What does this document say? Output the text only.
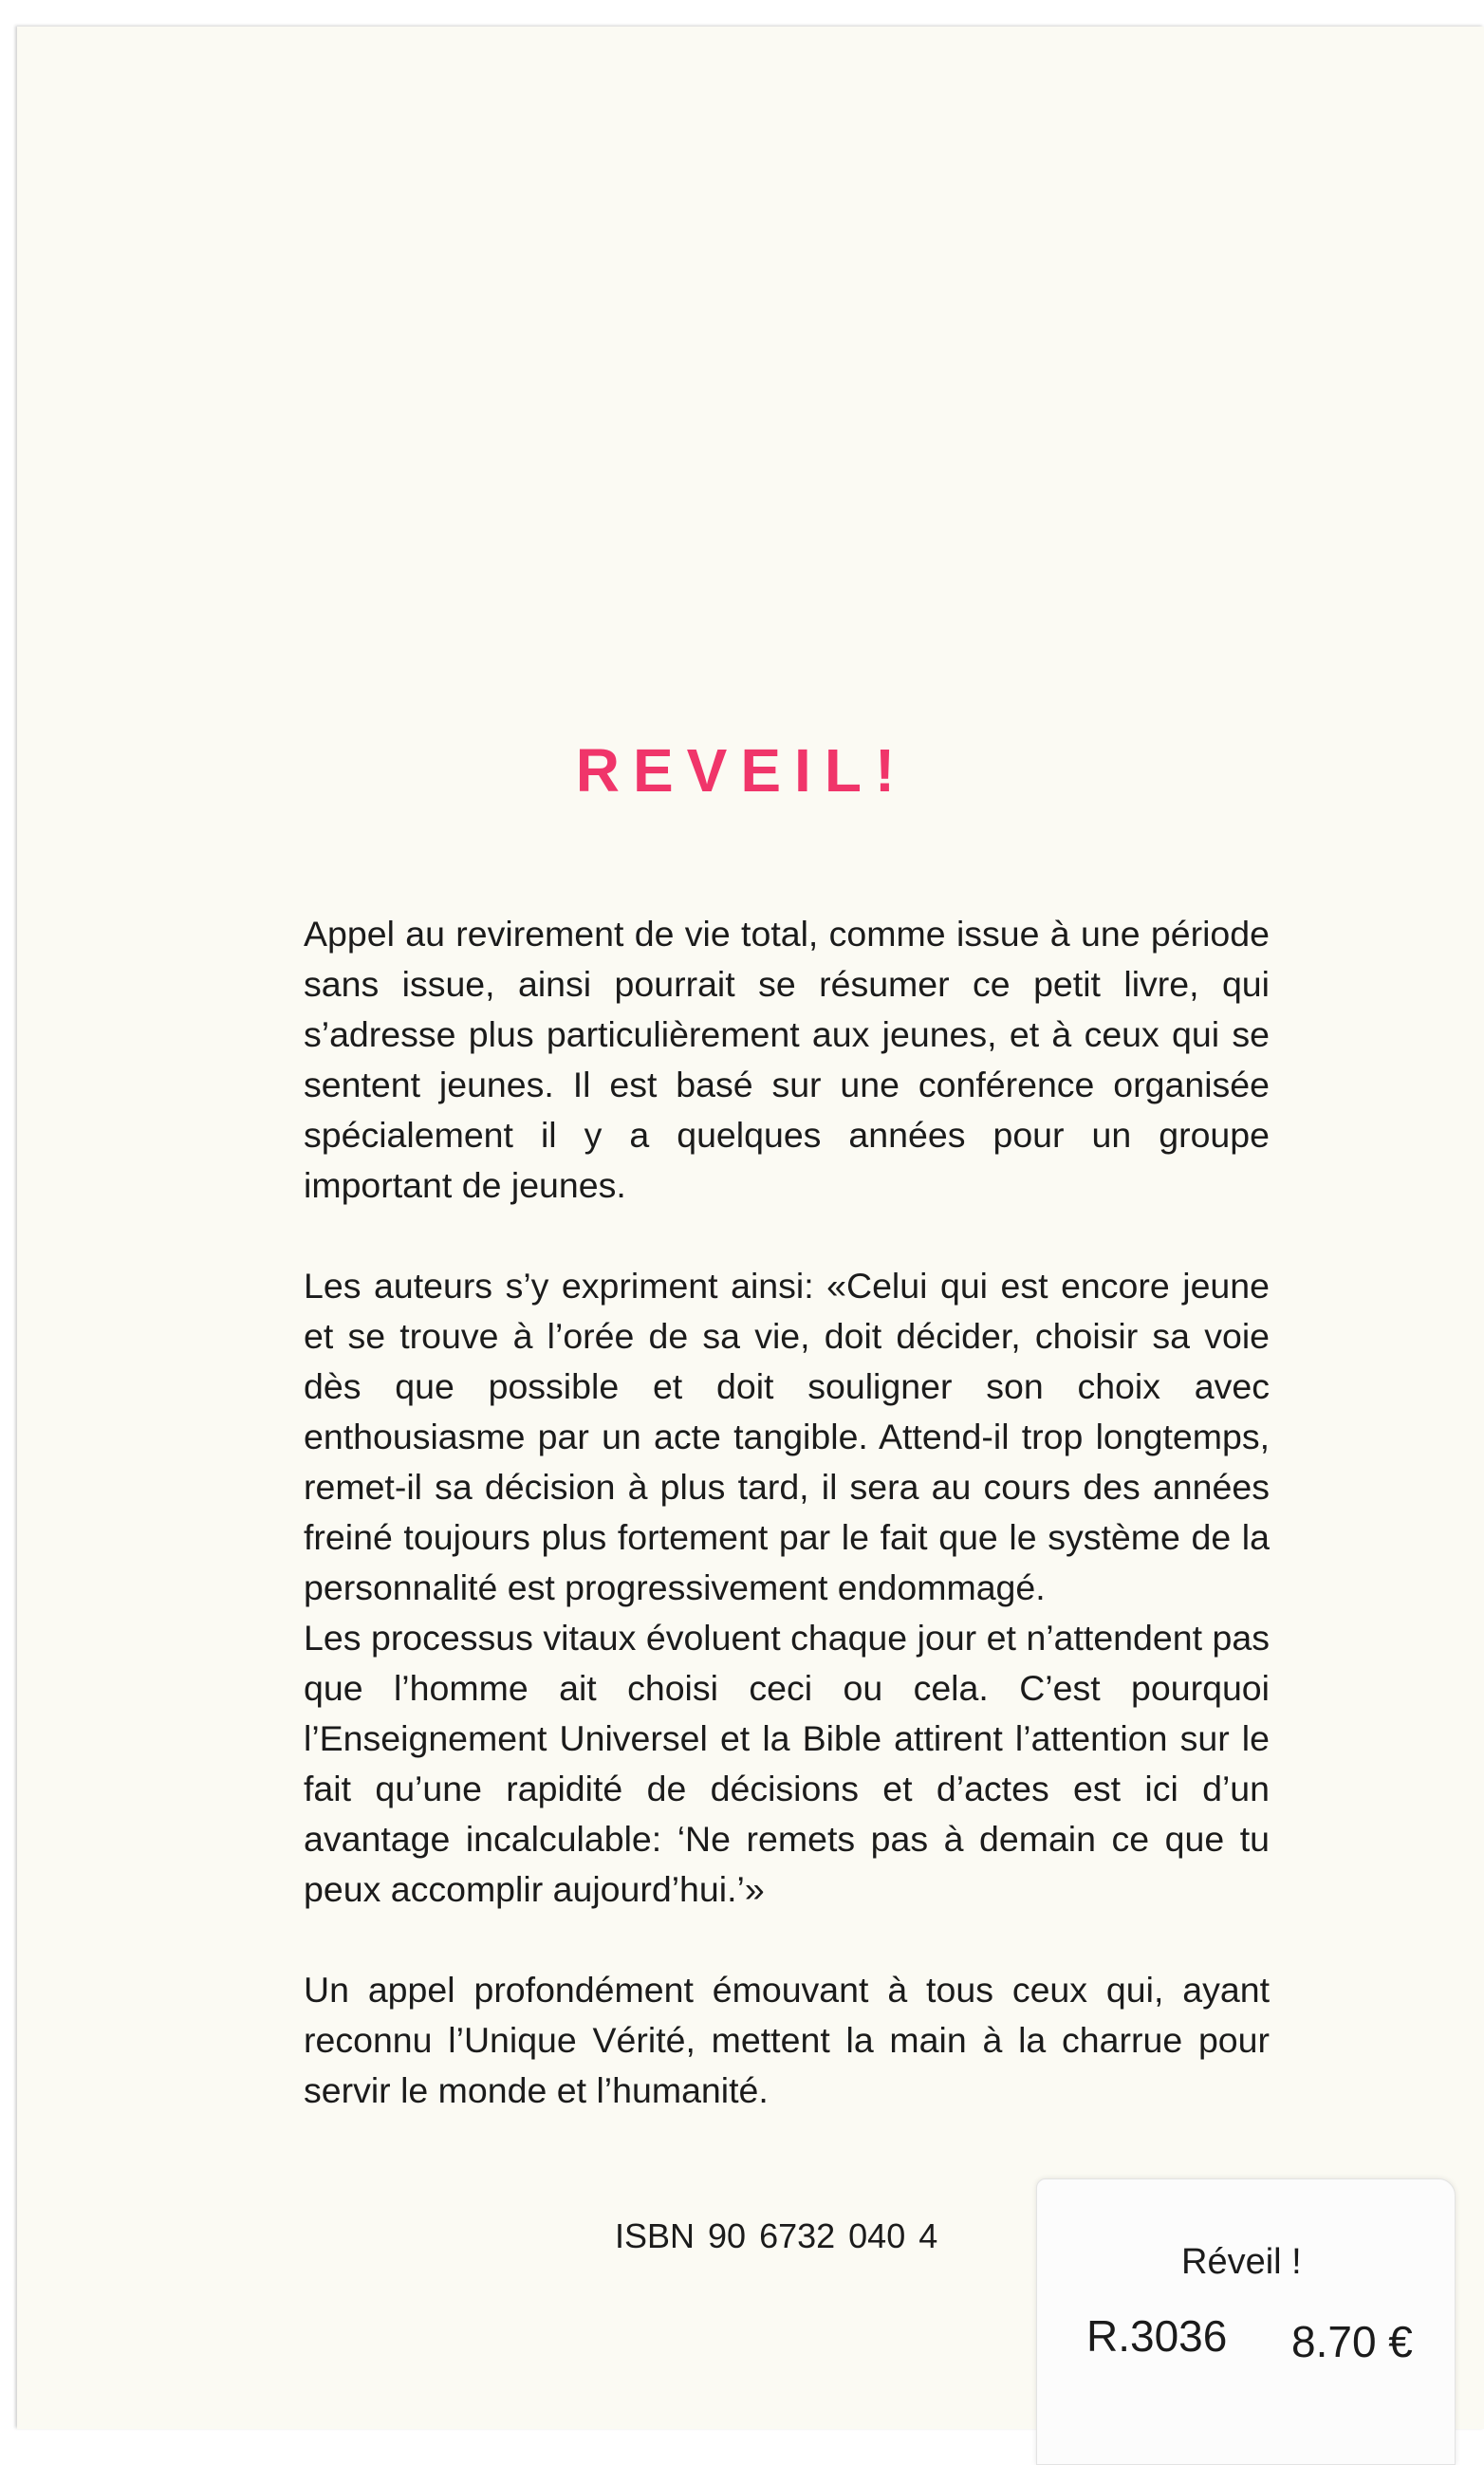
REVEIL!

Appel au revirement de vie total, comme issue à une période sans issue, ainsi pourrait se résumer ce petit livre, qui s’adresse plus particulièrement aux jeunes, et à ceux qui se sentent jeunes. Il est basé sur une conférence organisée spécialement il y a quelques années pour un groupe important de jeunes.

Les auteurs s’y expriment ainsi: «Celui qui est encore jeune et se trouve à l’orée de sa vie, doit décider, choisir sa voie dès que possible et doit souligner son choix avec enthousiasme par un acte tangible. Attend-il trop longtemps, remet-il sa décision à plus tard, il sera au cours des années freiné toujours plus fortement par le fait que le système de la personnalité est progressivement endommagé.

Les processus vitaux évoluent chaque jour et n’attendent pas que l’homme ait choisi ceci ou cela. C’est pourquoi l’Enseignement Universel et la Bible attirent l’attention sur le fait qu’une rapidité de décisions et d’actes est ici d’un avantage incalculable: ‘Ne remets pas à demain ce que tu peux accomplir aujourd’hui.’»

Un appel profondément émouvant à tous ceux qui, ayant reconnu l’Unique Vérité, mettent la main à la charrue pour servir le monde et l’humanité.

ISBN 90 6732 040 4
Réveil !
R.3036 8.70 €
